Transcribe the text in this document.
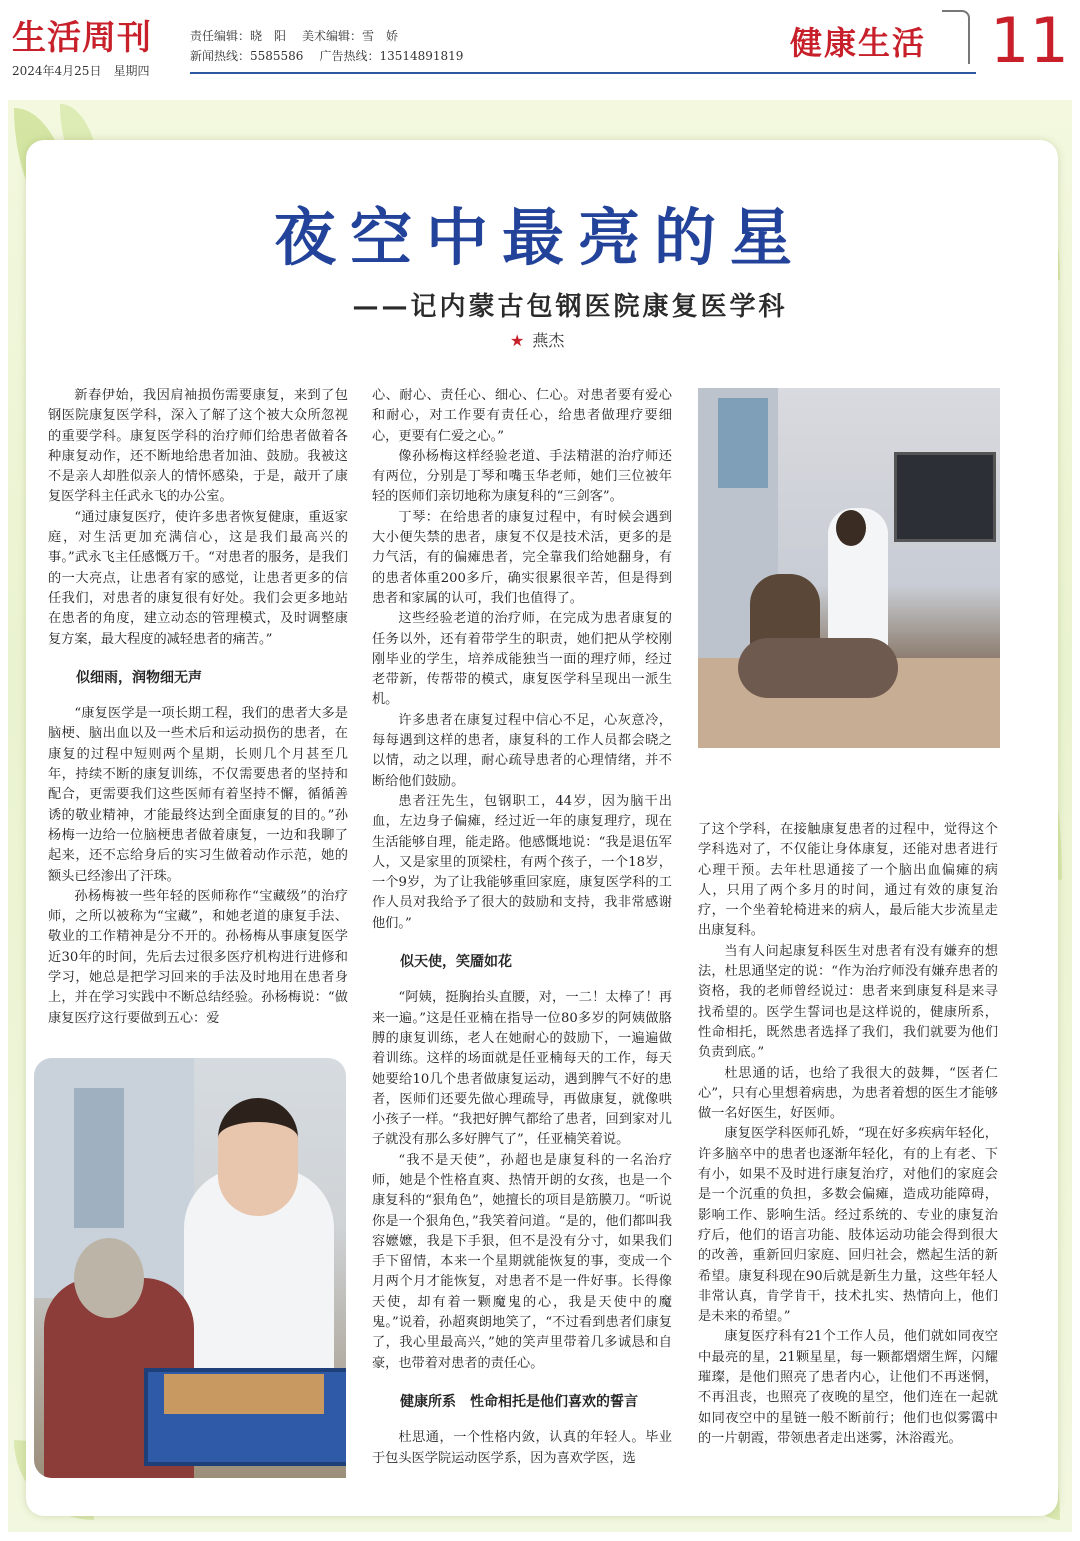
生活周刊
2024年4月25日　星期四
责任编辑：晓　阳 美术编辑：雪　娇
新闻热线：5585586 广告热线：13514891819	健康生活 11
夜空中最亮的星
——记内蒙古包钢医院康复医学科
★ 燕杰

新春伊始，我因肩袖损伤需要康复，来到了包钢医院康复医学科，深入了解了这个被大众所忽视的重要学科。康复医学科的治疗师们给患者做着各种康复动作，还不断地给患者加油、鼓励。我被这不是亲人却胜似亲人的情怀感染，于是，敲开了康复医学科主任武永飞的办公室。

“通过康复医疗，使许多患者恢复健康，重返家庭，对生活更加充满信心，这是我们最高兴的事。”武永飞主任感慨万千。“对患者的服务，是我们的一大亮点，让患者有家的感觉，让患者更多的信任我们，对患者的康复很有好处。我们会更多地站在患者的角度，建立动态的管理模式，及时调整康复方案，最大程度的减轻患者的痛苦。”

似细雨，润物细无声

“康复医学是一项长期工程，我们的患者大多是脑梗、脑出血以及一些术后和运动损伤的患者，在康复的过程中短则两个星期，长则几个月甚至几年，持续不断的康复训练，不仅需要患者的坚持和配合，更需要我们这些医师有着坚持不懈，循循善诱的敬业精神，才能最终达到全面康复的目的。”孙杨梅一边给一位脑梗患者做着康复，一边和我聊了起来，还不忘给身后的实习生做着动作示范，她的额头已经渗出了汗珠。

孙杨梅被一些年轻的医师称作“宝藏级”的治疗师，之所以被称为“宝藏”，和她老道的康复手法、敬业的工作精神是分不开的。孙杨梅从事康复医学近30年的时间，先后去过很多医疗机构进行进修和学习，她总是把学习回来的手法及时地用在患者身上，并在学习实践中不断总结经验。孙杨梅说：“做康复医疗这行要做到五心：爱

心、耐心、责任心、细心、仁心。对患者要有爱心和耐心，对工作要有责任心，给患者做理疗要细心，更要有仁爱之心。”

像孙杨梅这样经验老道、手法精湛的治疗师还有两位，分别是丁琴和嘴玉华老师，她们三位被年轻的医师们亲切地称为康复科的“三剑客”。

丁琴：在给患者的康复过程中，有时候会遇到大小便失禁的患者，康复不仅是技术活，更多的是力气活，有的偏瘫患者，完全靠我们给她翻身，有的患者体重200多斤，确实很累很辛苦，但是得到患者和家属的认可，我们也值得了。

这些经验老道的治疗师，在完成为患者康复的任务以外，还有着带学生的职责，她们把从学校刚刚毕业的学生，培养成能独当一面的理疗师，经过老带新，传帮带的模式，康复医学科呈现出一派生机。

许多患者在康复过程中信心不足，心灰意冷，每每遇到这样的患者，康复科的工作人员都会晓之以情，动之以理，耐心疏导患者的心理情绪，并不断给他们鼓励。

患者汪先生，包钢职工，44岁，因为脑干出血，左边身子偏瘫，经过近一年的康复理疗，现在生活能够自理，能走路。他感慨地说：“我是退伍军人，又是家里的顶梁柱，有两个孩子，一个18岁，一个9岁，为了让我能够重回家庭，康复医学科的工作人员对我给予了很大的鼓励和支持，我非常感谢他们。”

似天使，笑靥如花

“阿姨，挺胸抬头直腰，对，一二！太棒了！再来一遍。”这是任亚楠在指导一位80多岁的阿姨做胳膊的康复训练，老人在她耐心的鼓励下，一遍遍做着训练。这样的场面就是任亚楠每天的工作，每天她要给10几个患者做康复运动，遇到脾气不好的患者，医师们还要先做心理疏导，再做康复，就像哄小孩子一样。“我把好脾气都给了患者，回到家对儿子就没有那么多好脾气了”，任亚楠笑着说。

“我不是天使”，孙超也是康复科的一名治疗师，她是个性格直爽、热情开朗的女孩，也是一个康复科的“狠角色”，她擅长的项目是筋膜刀。“听说你是一个狠角色，”我笑着问道。“是的，他们都叫我容嬷嬷，我是下手狠，但不是没有分寸，如果我们手下留情，本来一个星期就能恢复的事，变成一个月两个月才能恢复，对患者不是一件好事。长得像天使，却有着一颗魔鬼的心，我是天使中的魔鬼。”说着，孙超爽朗地笑了，“不过看到患者们康复了，我心里最高兴，”她的笑声里带着几多诚恳和自豪，也带着对患者的责任心。

健康所系　性命相托是他们喜欢的誓言

杜思通，一个性格内敛，认真的年轻人。毕业于包头医学院运动医学系，因为喜欢学医，选

了这个学科，在接触康复患者的过程中，觉得这个学科选对了，不仅能让身体康复，还能对患者进行心理干预。去年杜思通接了一个脑出血偏瘫的病人，只用了两个多月的时间，通过有效的康复治疗，一个坐着轮椅进来的病人，最后能大步流星走出康复科。

当有人问起康复科医生对患者有没有嫌弃的想法，杜思通坚定的说：“作为治疗师没有嫌弃患者的资格，我的老师曾经说过：患者来到康复科是来寻找希望的。医学生誓词也是这样说的，健康所系，性命相托，既然患者选择了我们，我们就要为他们负责到底。”

杜思通的话，也给了我很大的鼓舞，“医者仁心”，只有心里想着病患，为患者着想的医生才能够做一名好医生，好医师。

康复医学科医师孔娇，“现在好多疾病年轻化，许多脑卒中的患者也逐渐年轻化，有的上有老、下有小，如果不及时进行康复治疗，对他们的家庭会是一个沉重的负担，多数会偏瘫，造成功能障碍，影响工作、影响生活。经过系统的、专业的康复治疗后，他们的语言功能、肢体运动功能会得到很大的改善，重新回归家庭、回归社会，燃起生活的新希望。康复科现在90后就是新生力量，这些年轻人非常认真，肯学肯干，技术扎实、热情向上，他们是未来的希望。”

康复医疗科有21个工作人员，他们就如同夜空中最亮的星，21颗星星，每一颗都熠熠生辉，闪耀璀璨，是他们照亮了患者内心，让他们不再迷惘，不再沮丧，也照亮了夜晚的星空，他们连在一起就如同夜空中的星链一般不断前行；他们也似雾霭中的一片朝霞，带领患者走出迷雾，沐浴霞光。
